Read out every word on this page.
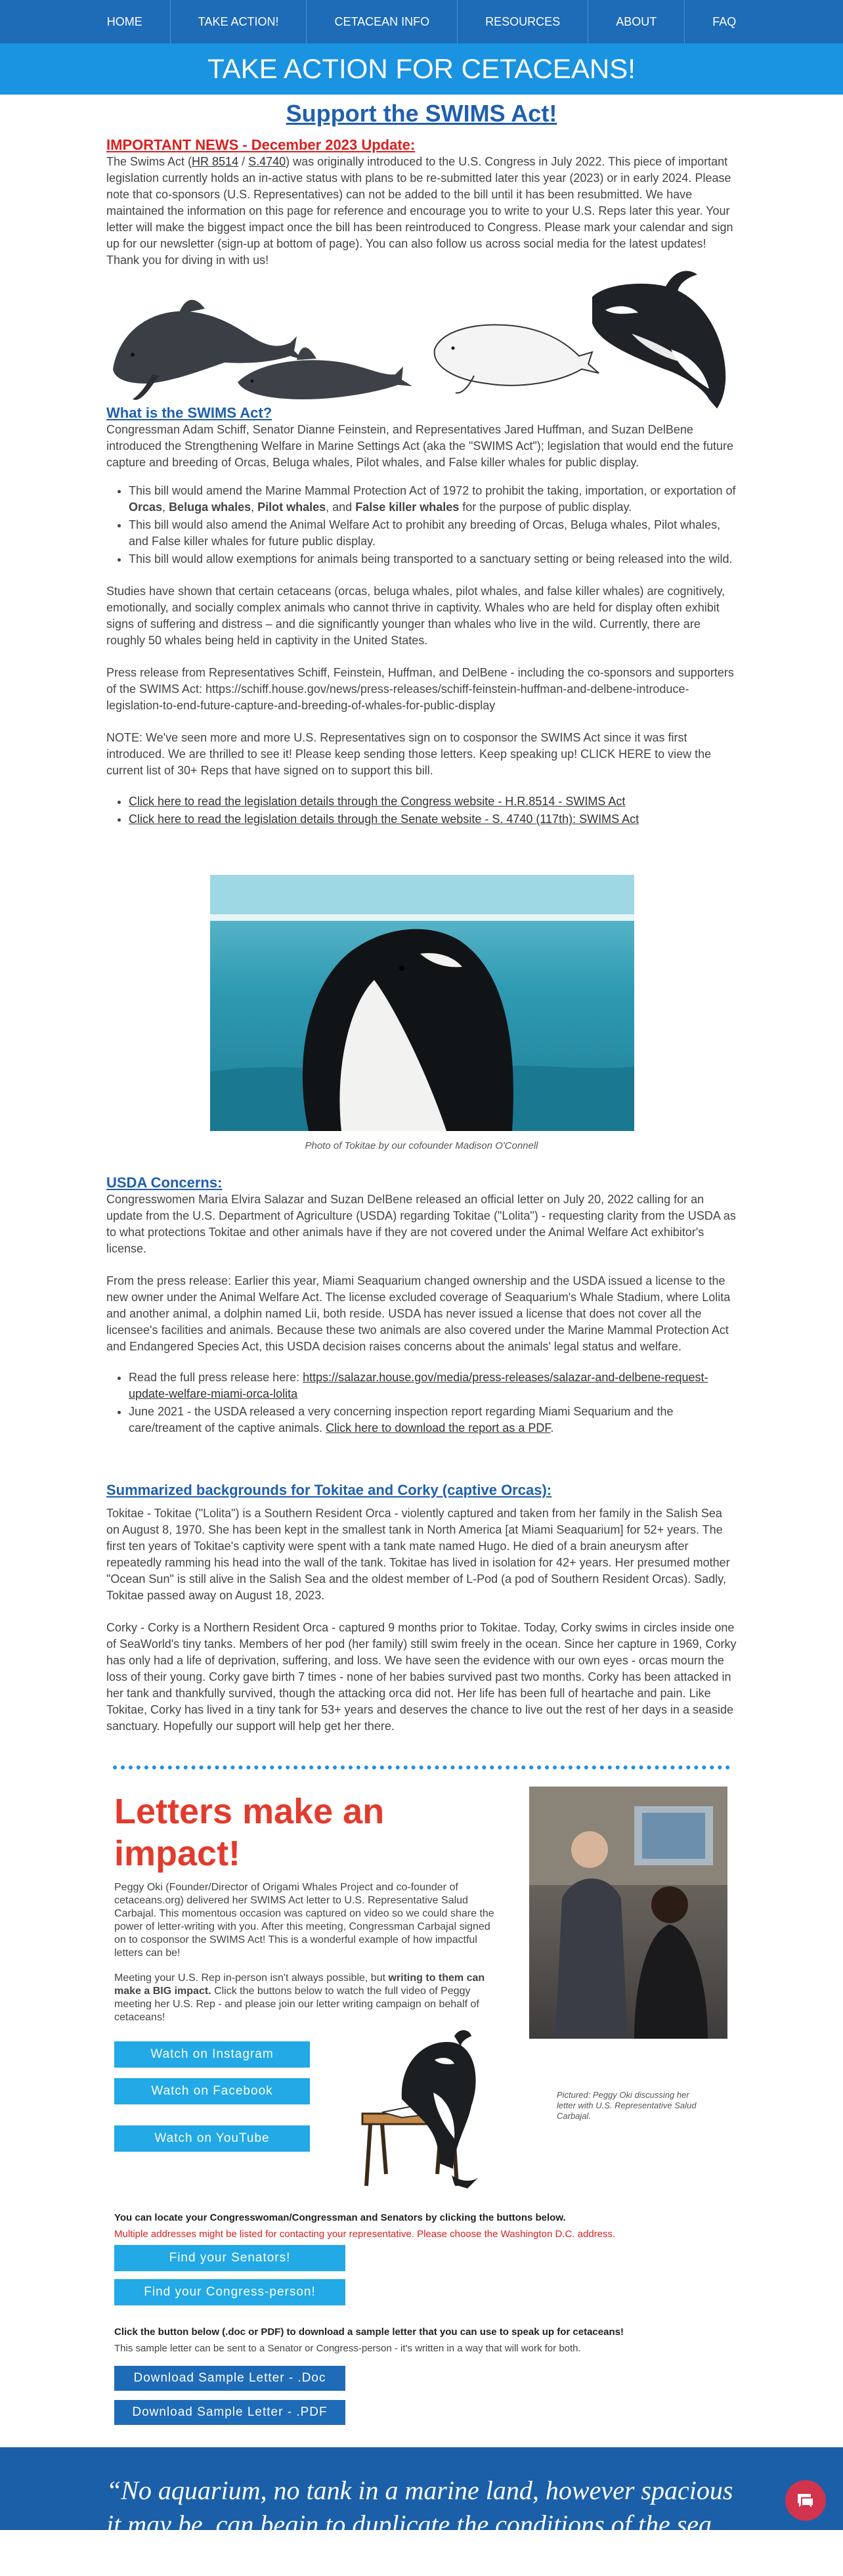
HOME	TAKE ACTION!	CETACEAN INFO	RESOURCES	ABOUT	FAQ
TAKE ACTION FOR CETACEANS!
Support the SWIMS Act!
IMPORTANT NEWS - December 2023 Update:

The Swims Act (HR 8514 / S.4740) was originally introduced to the U.S. Congress in July 2022. This piece of important legislation currently holds an in-active status with plans to be re-submitted later this year (2023) or in early 2024. Please note that co-sponsors (U.S. Representatives) can not be added to the bill until it has been resubmitted. We have maintained the information on this page for reference and encourage you to write to your U.S. Reps later this year. Your letter will make the biggest impact once the bill has been reintroduced to Congress. Please mark your calendar and sign up for our newsletter (sign-up at bottom of page). You can also follow us across social media for the latest updates! Thank you for diving in with us!

What is the SWIMS Act?

Congressman Adam Schiff, Senator Dianne Feinstein, and Representatives Jared Huffman, and Suzan DelBene introduced the Strengthening Welfare in Marine Settings Act (aka the "SWIMS Act"); legislation that would end the future capture and breeding of Orcas, Beluga whales, Pilot whales, and False killer whales for public display.

• This bill would amend the Marine Mammal Protection Act of 1972 to prohibit the taking, importation, or exportation of Orcas, Beluga whales, Pilot whales, and False killer whales for the purpose of public display.
• This bill would also amend the Animal Welfare Act to prohibit any breeding of Orcas, Beluga whales, Pilot whales, and False killer whales for future public display.
• This bill would allow exemptions for animals being transported to a sanctuary setting or being released into the wild.

Studies have shown that certain cetaceans (orcas, beluga whales, pilot whales, and false killer whales) are cognitively, emotionally, and socially complex animals who cannot thrive in captivity. Whales who are held for display often exhibit signs of suffering and distress – and die significantly younger than whales who live in the wild. Currently, there are roughly 50 whales being held in captivity in the United States.

Press release from Representatives Schiff, Feinstein, Huffman, and DelBene - including the co-sponsors and supporters of the SWIMS Act: https://schiff.house.gov/news/press-releases/schiff-feinstein-huffman-and-delbene-introduce-legislation-to-end-future-capture-and-breeding-of-whales-for-public-display

NOTE: We've seen more and more U.S. Representatives sign on to cosponsor the SWIMS Act since it was first introduced. We are thrilled to see it! Please keep sending those letters. Keep speaking up! CLICK HERE to view the current list of 30+ Reps that have signed on to support this bill.

• Click here to read the legislation details through the Congress website - H.R.8514 - SWIMS Act
• Click here to read the legislation details through the Senate website - S. 4740 (117th): SWIMS Act

Photo of Tokitae by our cofounder Madison O'Connell

USDA Concerns:

Congresswomen Maria Elvira Salazar and Suzan DelBene released an official letter on July 20, 2022 calling for an update from the U.S. Department of Agriculture (USDA) regarding Tokitae ("Lolita") - requesting clarity from the USDA as to what protections Tokitae and other animals have if they are not covered under the Animal Welfare Act exhibitor's license.

From the press release: Earlier this year, Miami Seaquarium changed ownership and the USDA issued a license to the new owner under the Animal Welfare Act. The license excluded coverage of Seaquarium's Whale Stadium, where Lolita and another animal, a dolphin named Lii, both reside. USDA has never issued a license that does not cover all the licensee's facilities and animals. Because these two animals are also covered under the Marine Mammal Protection Act and Endangered Species Act, this USDA decision raises concerns about the animals' legal status and welfare.

• Read the full press release here: https://salazar.house.gov/media/press-releases/salazar-and-delbene-request-update-welfare-miami-orca-lolita
• June 2021 - the USDA released a very concerning inspection report regarding Miami Sequarium and the care/treament of the captive animals. Click here to download the report as a PDF.
Summarized backgrounds for Tokitae and Corky (captive Orcas):

Tokitae - Tokitae ("Lolita") is a Southern Resident Orca - violently captured and taken from her family in the Salish Sea on August 8, 1970. She has been kept in the smallest tank in North America [at Miami Seaquarium] for 52+ years. The first ten years of Tokitae's captivity were spent with a tank mate named Hugo. He died of a brain aneurysm after repeatedly ramming his head into the wall of the tank. Tokitae has lived in isolation for 42+ years. Her presumed mother "Ocean Sun" is still alive in the Salish Sea and the oldest member of L-Pod (a pod of Southern Resident Orcas). Sadly, Tokitae passed away on August 18, 2023.

Corky - Corky is a Northern Resident Orca - captured 9 months prior to Tokitae. Today, Corky swims in circles inside one of SeaWorld's tiny tanks. Members of her pod (her family) still swim freely in the ocean. Since her capture in 1969, Corky has only had a life of deprivation, suffering, and loss. We have seen the evidence with our own eyes - orcas mourn the loss of their young. Corky gave birth 7 times - none of her babies survived past two months. Corky has been attacked in her tank and thankfully survived, though the attacking orca did not. Her life has been full of heartache and pain. Like Tokitae, Corky has lived in a tiny tank for 53+ years and deserves the chance to live out the rest of her days in a seaside sanctuary. Hopefully our support will help get her there.

Letters make an impact!

Peggy Oki (Founder/Director of Origami Whales Project and co-founder of cetaceans.org) delivered her SWIMS Act letter to U.S. Representative Salud Carbajal. This momentous occasion was captured on video so we could share the power of letter-writing with you. After this meeting, Congressman Carbajal signed on to cosponsor the SWIMS Act! This is a wonderful example of how impactful letters can be!

Meeting your U.S. Rep in-person isn't always possible, but writing to them can make a BIG impact. Click the buttons below to watch the full video of Peggy meeting her U.S. Rep - and please join our letter writing campaign on behalf of cetaceans!

Watch on Instagram
Watch on Facebook
Watch on YouTube

Pictured: Peggy Oki discussing her letter with U.S. Representative Salud Carbajal.

You can locate your Congresswoman/Congressman and Senators by clicking the buttons below.

Multiple addresses might be listed for contacting your representative. Please choose the Washington D.C. address.

Find your Senators!
Find your Congress-person!

Click the button below (.doc or PDF) to download a sample letter that you can use to speak up for cetaceans!

This sample letter can be sent to a Senator or Congress-person - it's written in a way that will work for both.

Download Sample Letter - .Doc
Download Sample Letter - .PDF

“No aquarium, no tank in a marine land, however spacious it may be, can begin to duplicate the conditions of the sea. And
